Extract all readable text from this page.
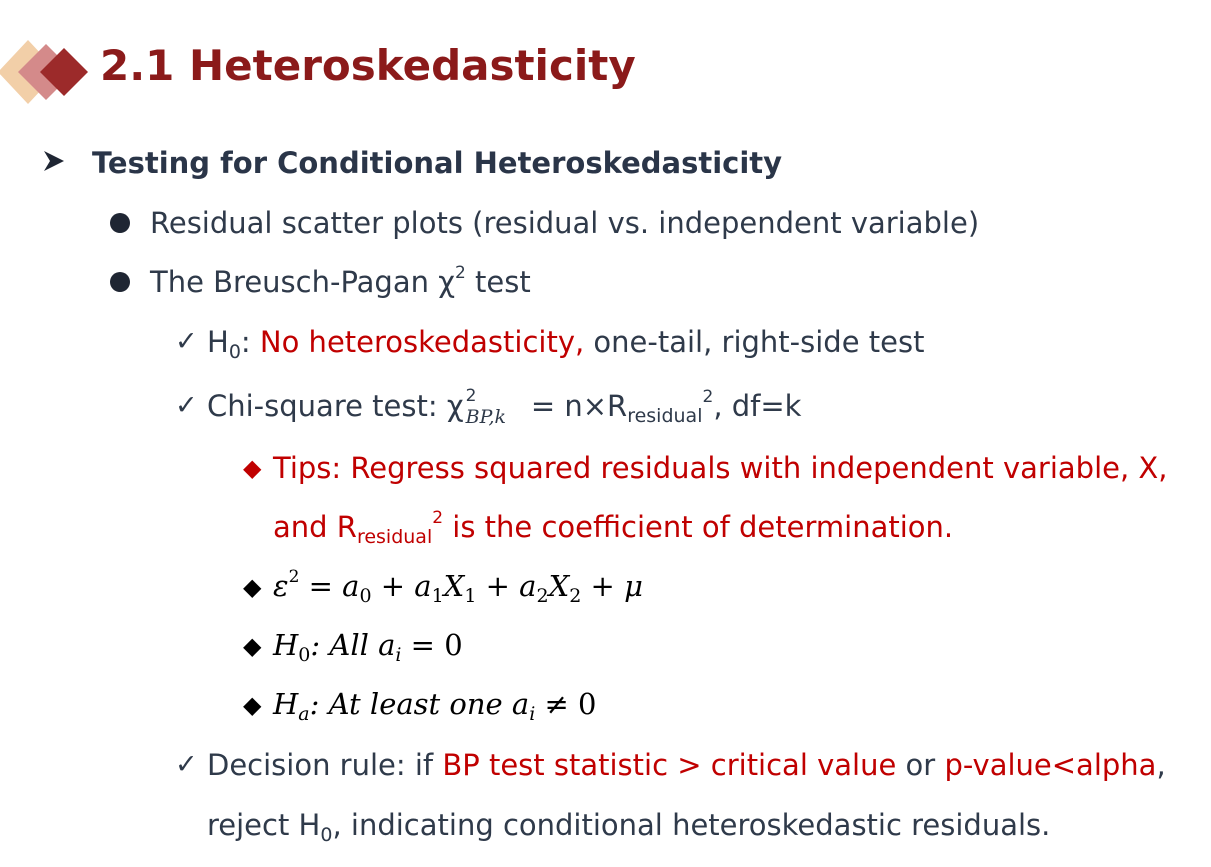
2.1 Heteroskedasticity
Testing for Conditional Heteroskedasticity
Residual scatter plots (residual vs. independent variable)
The Breusch-Pagan $\chi^2$ test
✓ $H_0$: No heteroskedasticity, one-tail, right-side test
✓ Chi-square test: χ 2
$BP,k = n\times R_{residual}^2$, df=k
◆ Tips: Regress squared residuals with independent variable, X,
and $R_{residual}^2$ is the coefficient of determination.
◆ $\varepsilon^2 = a_0 + a_1X_1 + a_2X_2 + \mu$
◆ $H_0$: All $a_i = 0$
◆ $H_a$: At least one $a_i \ne 0$
✓ Decision rule: if BP test statistic > critical value or p-value<alpha,
reject $H_0$, indicating conditional heteroskedastic residuals.
